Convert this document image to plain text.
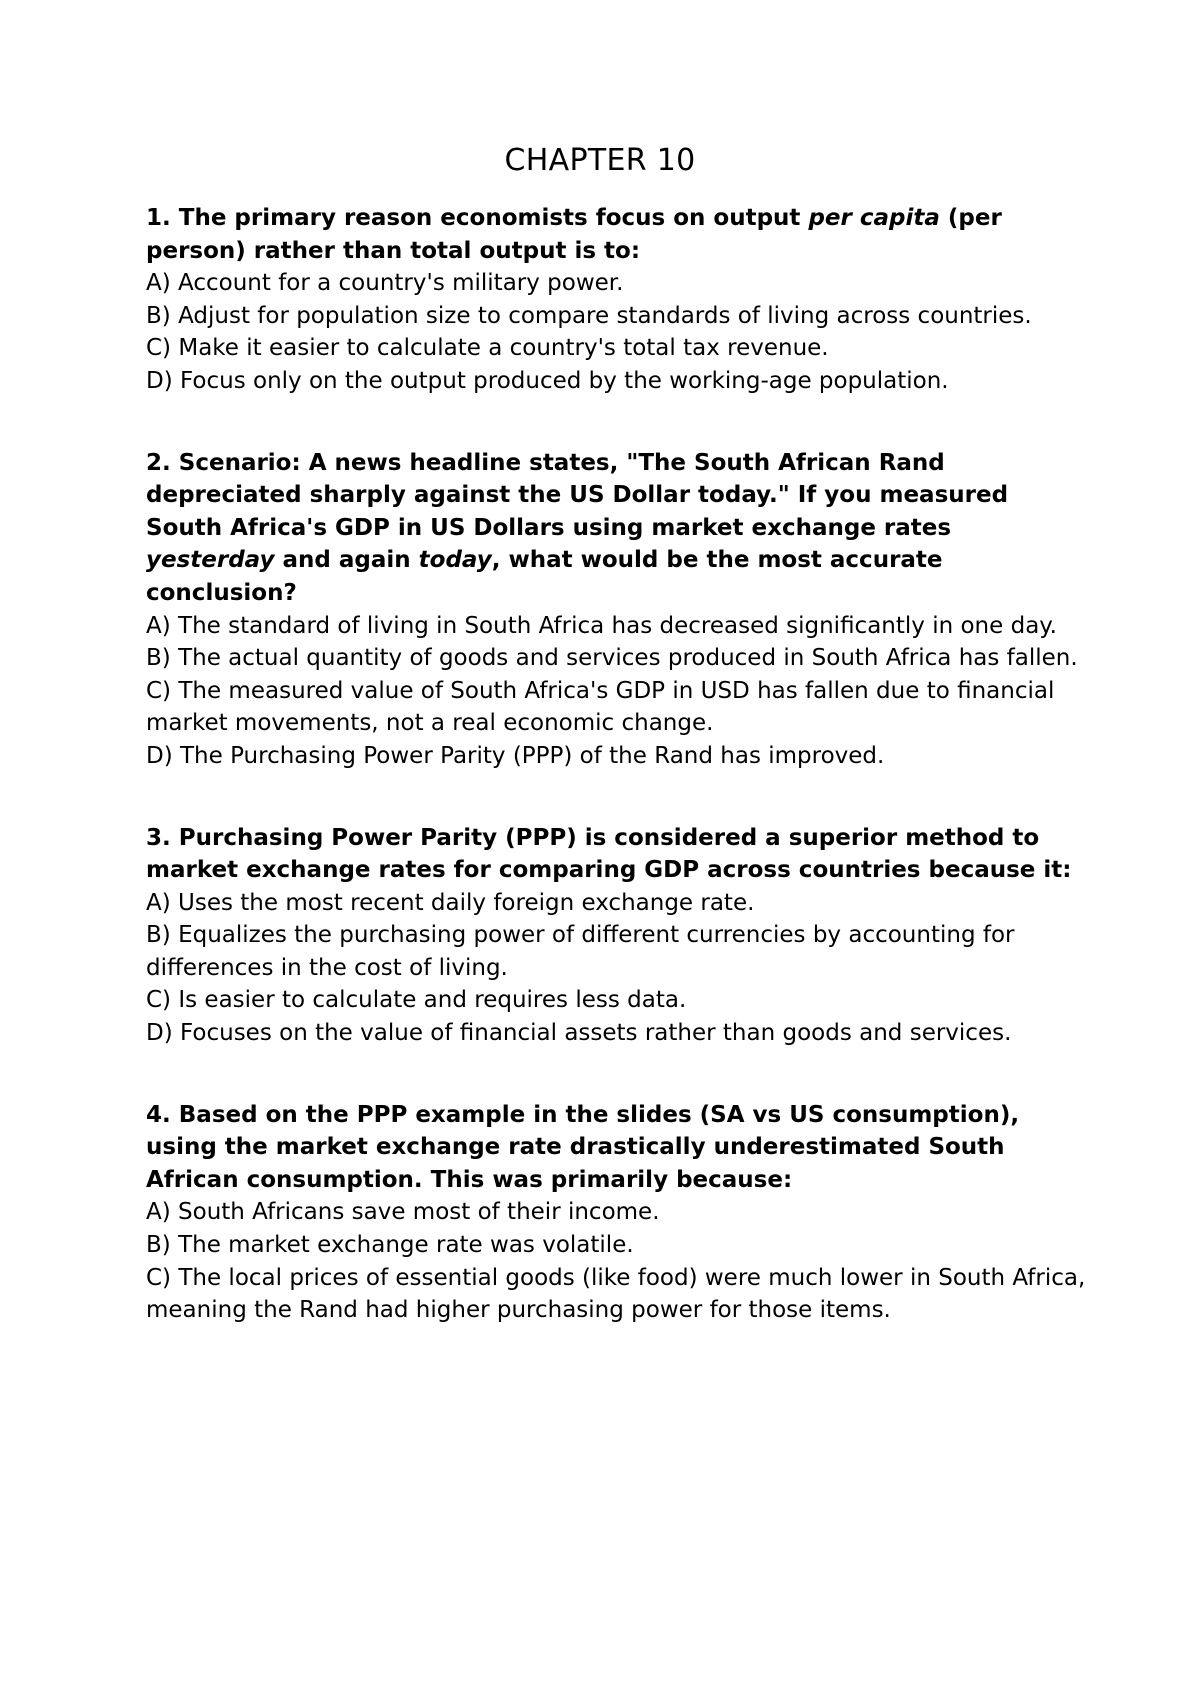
CHAPTER 10

1. The primary reason economists focus on output per capita (per person) rather than total output is to:

A) Account for a country's military power.

B) Adjust for population size to compare standards of living across countries.

C) Make it easier to calculate a country's total tax revenue.

D) Focus only on the output produced by the working-age population.

2. Scenario: A news headline states, "The South African Rand depreciated sharply against the US Dollar today." If you measured South Africa's GDP in US Dollars using market exchange rates yesterday and again today, what would be the most accurate conclusion?

A) The standard of living in South Africa has decreased significantly in one day.

B) The actual quantity of goods and services produced in South Africa has fallen.

C) The measured value of South Africa's GDP in USD has fallen due to financial market movements, not a real economic change.

D) The Purchasing Power Parity (PPP) of the Rand has improved.

3. Purchasing Power Parity (PPP) is considered a superior method to market exchange rates for comparing GDP across countries because it:

A) Uses the most recent daily foreign exchange rate.

B) Equalizes the purchasing power of different currencies by accounting for differences in the cost of living.

C) Is easier to calculate and requires less data.

D) Focuses on the value of financial assets rather than goods and services.

4. Based on the PPP example in the slides (SA vs US consumption), using the market exchange rate drastically underestimated South African consumption. This was primarily because:

A) South Africans save most of their income.

B) The market exchange rate was volatile.

C) The local prices of essential goods (like food) were much lower in South Africa, meaning the Rand had higher purchasing power for those items.
